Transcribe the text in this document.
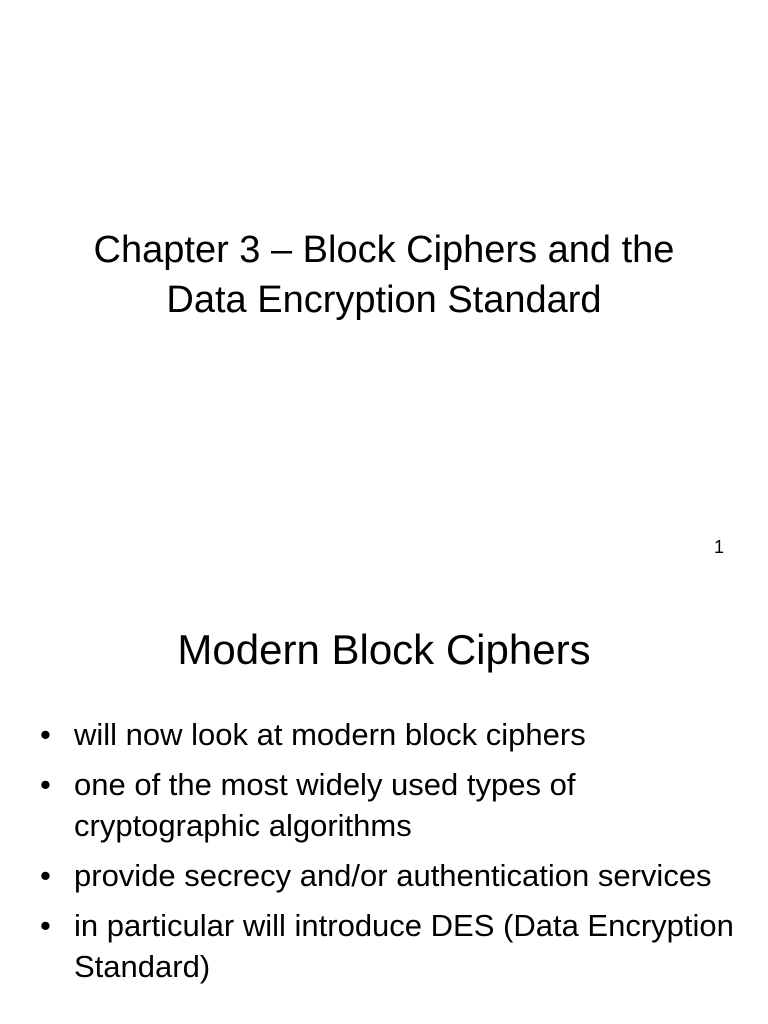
Chapter 3 – Block Ciphers and the
Data Encryption Standard
1
Modern Block Ciphers
• will now look at modern block ciphers
• one of the most widely used types of cryptographic algorithms
• provide secrecy and/or authentication services
• in particular will introduce DES (Data Encryption Standard)
